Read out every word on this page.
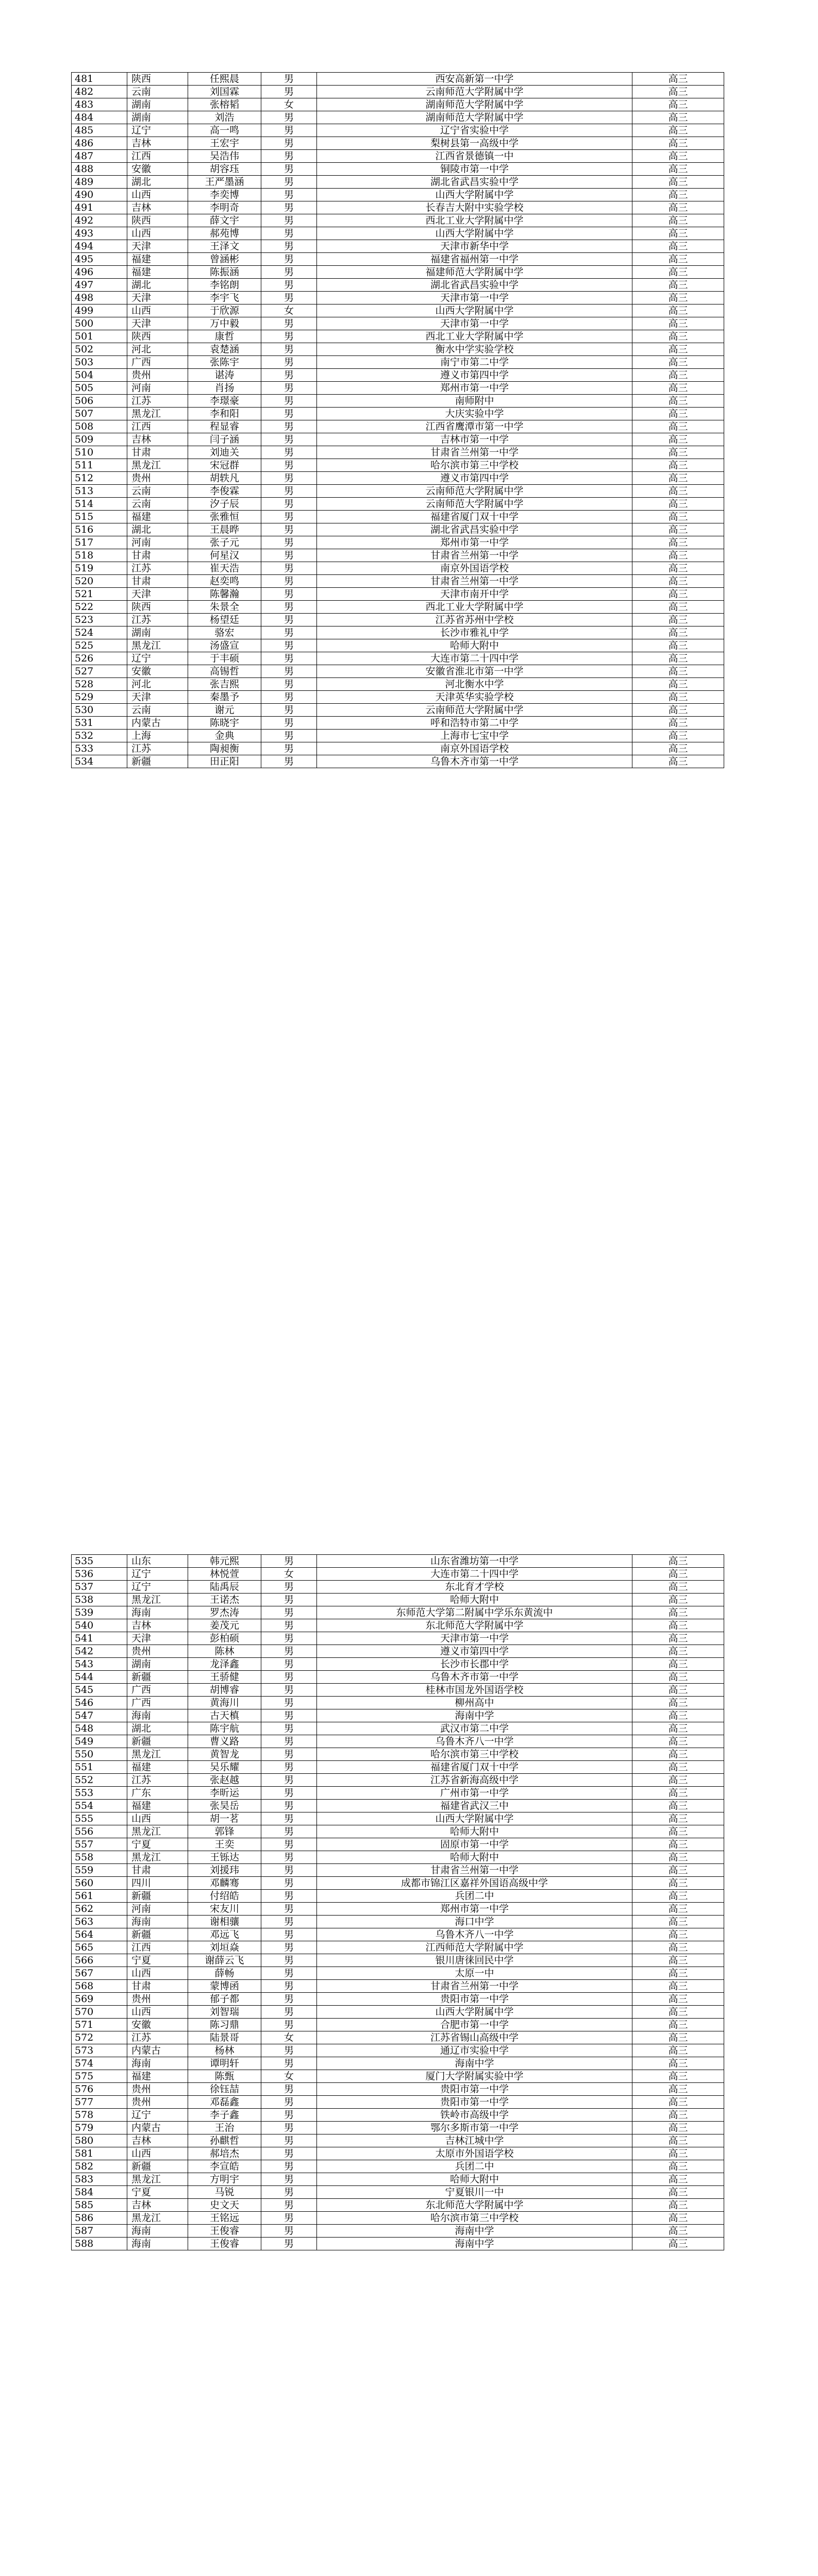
481	陕西	任熙晨	男	西安高新第一中学	高三
482	云南	刘国霖	男	云南师范大学附属中学	高三
483	湖南	张榕韬	女	湖南师范大学附属中学	高三
484	湖南	刘浩	男	湖南师范大学附属中学	高三
485	辽宁	高一鸣	男	辽宁省实验中学	高三
486	吉林	王宏宇	男	梨树县第一高级中学	高三
487	江西	吴浩伟	男	江西省景德镇一中	高三
488	安徽	胡容珏	男	铜陵市第一中学	高三
489	湖北	王严墨涵	男	湖北省武昌实验中学	高三
490	山西	李奕博	男	山西大学附属中学	高三
491	吉林	李明奇	男	长春吉大附中实验学校	高三
492	陕西	薛文宇	男	西北工业大学附属中学	高三
493	山西	郝苑博	男	山西大学附属中学	高三
494	天津	王泽文	男	天津市新华中学	高三
495	福建	曾涵彬	男	福建省福州第一中学	高三
496	福建	陈振涵	男	福建师范大学附属中学	高三
497	湖北	李铭朗	男	湖北省武昌实验中学	高三
498	天津	李宇飞	男	天津市第一中学	高三
499	山西	于欣源	女	山西大学附属中学	高三
500	天津	万中毅	男	天津市第一中学	高三
501	陕西	康哲	男	西北工业大学附属中学	高三
502	河北	袁楚涵	男	衡水中学实验学校	高三
503	广西	张陈宇	男	南宁市第二中学	高三
504	贵州	谌涛	男	遵义市第四中学	高三
505	河南	肖扬	男	郑州市第一中学	高三
506	江苏	李璟豪	男	南师附中	高三
507	黑龙江	李和阳	男	大庆实验中学	高三
508	江西	程显睿	男	江西省鹰潭市第一中学	高三
509	吉林	闫子涵	男	吉林市第一中学	高三
510	甘肃	刘迪关	男	甘肃省兰州第一中学	高三
511	黑龙江	宋冠群	男	哈尔滨市第三中学校	高三
512	贵州	胡轶凡	男	遵义市第四中学	高三
513	云南	李俊霖	男	云南师范大学附属中学	高三
514	云南	汐子辰	男	云南师范大学附属中学	高三
515	福建	张雅恒	男	福建省厦门双十中学	高三
516	湖北	王晨晔	男	湖北省武昌实验中学	高三
517	河南	张子元	男	郑州市第一中学	高三
518	甘肃	何星汉	男	甘肃省兰州第一中学	高三
519	江苏	崔天浩	男	南京外国语学校	高三
520	甘肃	赵奕鸣	男	甘肃省兰州第一中学	高三
521	天津	陈馨瀚	男	天津市南开中学	高三
522	陕西	朱景全	男	西北工业大学附属中学	高三
523	江苏	杨望廷	男	江苏省苏州中学校	高三
524	湖南	骆宏	男	长沙市雅礼中学	高三
525	黑龙江	汤盛宣	男	哈师大附中	高三
526	辽宁	于丰硕	男	大连市第二十四中学	高三
527	安徽	高锡哲	男	安徽省淮北市第一中学	高三
528	河北	张吉熙	男	河北衡水中学	高三
529	天津	秦墨予	男	天津英华实验学校	高三
530	云南	谢元	男	云南师范大学附属中学	高三
531	内蒙古	陈晓宇	男	呼和浩特市第二中学	高三
532	上海	金典	男	上海市七宝中学	高三
533	江苏	陶昶衡	男	南京外国语学校	高三
534	新疆	田正阳	男	乌鲁木齐市第一中学	高三
535	山东	韩元熙	男	山东省潍坊第一中学	高三
536	辽宁	林悦萱	女	大连市第二十四中学	高三
537	辽宁	陆禹辰	男	东北育才学校	高三
538	黑龙江	王诺杰	男	哈师大附中	高三
539	海南	罗杰涛	男	东师范大学第二附属中学乐东黄流中	高三
540	吉林	姜茂元	男	东北师范大学附属中学	高三
541	天津	彭柏硕	男	天津市第一中学	高三
542	贵州	陈林	男	遵义市第四中学	高三
543	湖南	龙泽鑫	男	长沙市长郡中学	高三
544	新疆	王骄健	男	乌鲁木齐市第一中学	高三
545	广西	胡博睿	男	桂林市国龙外国语学校	高三
546	广西	黄海川	男	柳州高中	高三
547	海南	古天槙	男	海南中学	高三
548	湖北	陈宇航	男	武汉市第二中学	高三
549	新疆	曹义路	男	乌鲁木齐八一中学	高三
550	黑龙江	黄智龙	男	哈尔滨市第三中学校	高三
551	福建	吴乐耀	男	福建省厦门双十中学	高三
552	江苏	张赵越	男	江苏省新海高级中学	高三
553	广东	李昕运	男	广州市第一中学	高三
554	福建	张昊岳	男	福建省武汉三中	高三
555	山西	胡一茗	男	山西大学附属中学	高三
556	黑龙江	郭锋	男	哈师大附中	高三
557	宁夏	王奕	男	固原市第一中学	高三
558	黑龙江	王铄达	男	哈师大附中	高三
559	甘肃	刘援玮	男	甘肃省兰州第一中学	高三
560	四川	邓麟骞	男	成都市锦江区嘉祥外国语高级中学	高三
561	新疆	付绍皓	男	兵团二中	高三
562	河南	宋友川	男	郑州市第一中学	高三
563	海南	谢相骧	男	海口中学	高三
564	新疆	邓远飞	男	乌鲁木齐八一中学	高三
565	江西	刘垣焱	男	江西师范大学附属中学	高三
566	宁夏	谢薛云飞	男	银川唐徕回民中学	高三
567	山西	薛畅	男	太原一中	高三
568	甘肃	蒙博函	男	甘肃省兰州第一中学	高三
569	贵州	郁子都	男	贵阳市第一中学	高三
570	山西	刘智瑞	男	山西大学附属中学	高三
571	安徽	陈习鼎	男	合肥市第一中学	高三
572	江苏	陆景哥	女	江苏省锡山高级中学	高三
573	内蒙古	杨林	男	通辽市实验中学	高三
574	海南	谭明轩	男	海南中学	高三
575	福建	陈甄	女	厦门大学附属实验中学	高三
576	贵州	徐钰喆	男	贵阳市第一中学	高三
577	贵州	邓磊鑫	男	贵阳市第一中学	高三
578	辽宁	李子鑫	男	铁岭市高级中学	高三
579	内蒙古	王治	男	鄂尔多斯市第一中学	高三
580	吉林	孙麒哲	男	吉林江城中学	高三
581	山西	郝培杰	男	太原市外国语学校	高三
582	新疆	李宣皓	男	兵团二中	高三
583	黑龙江	方明宇	男	哈师大附中	高三
584	宁夏	马锐	男	宁夏银川一中	高三
585	吉林	史文天	男	东北师范大学附属中学	高三
586	黑龙江	王铭远	男	哈尔滨市第三中学校	高三
587	海南	王俊睿	男	海南中学	高三
588	海南	王俊睿	男	海南中学	高三
